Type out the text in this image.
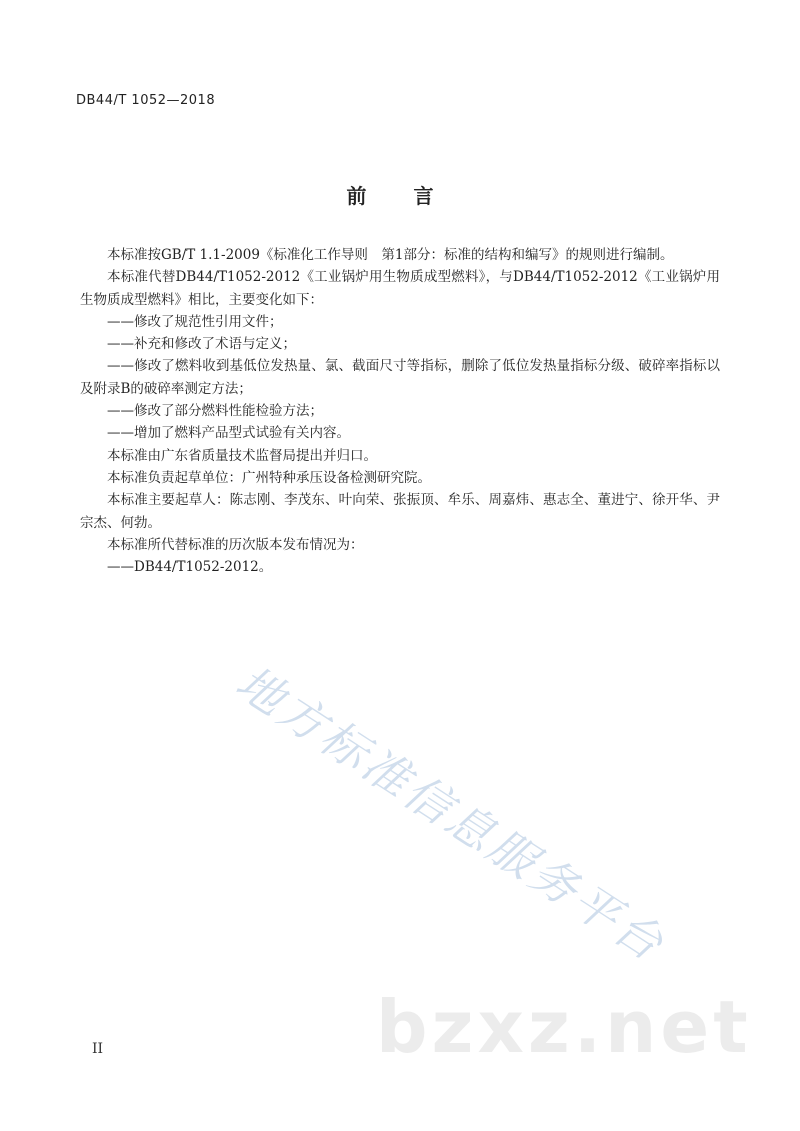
DB44/T 1052—2018
前 言

本标准按GB/T 1.1-2009《标准化工作导则　第1部分：标准的结构和编写》的规则进行编制。

本标准代替DB44/T1052-2012《工业锅炉用生物质成型燃料》，与DB44/T1052-2012《工业锅炉用生物质成型燃料》相比，主要变化如下：

——修改了规范性引用文件；

——补充和修改了术语与定义；

——修改了燃料收到基低位发热量、氯、截面尺寸等指标，删除了低位发热量指标分级、破碎率指标以及附录B的破碎率测定方法；

——修改了部分燃料性能检验方法；

——增加了燃料产品型式试验有关内容。

本标准由广东省质量技术监督局提出并归口。

本标准负责起草单位：广州特种承压设备检测研究院。

本标准主要起草人：陈志刚、李茂东、叶向荣、张振顶、牟乐、周嘉炜、惠志全、董进宁、徐开华、尹宗杰、何勃。

本标准所代替标准的历次版本发布情况为：

——DB44/T1052-2012。

地方标准信息服务平台
bzxz.net
II
